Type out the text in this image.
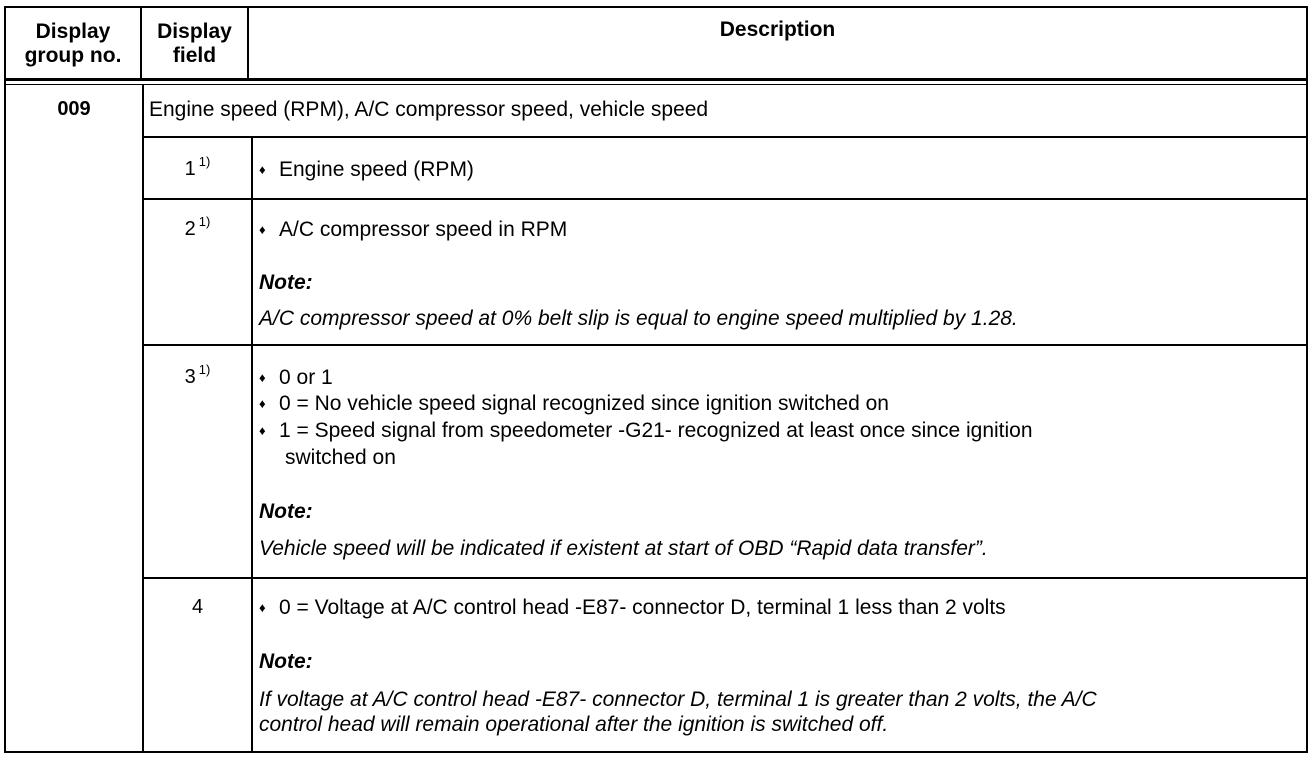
Display
group no.
Display
field
Description
009	Engine speed (RPM), A/C compressor speed, vehicle speed
1 $^{1)}$
♦ Engine speed (RPM)
2 $^{1)}$
♦ A/C compressor speed in RPM
Note:
A/C compressor speed at 0% belt slip is equal to engine speed multiplied by 1.28.
3 $^{1)}$
♦ 0 or 1
♦ 0 = No vehicle speed signal recognized since ignition switched on
♦ 1 = Speed signal from speedometer -G21- recognized at least once since ignition
switched on
Note:
Vehicle speed will be indicated if existent at start of OBD “Rapid data transfer”.
4	♦ 0 = Voltage at A/C control head -E87- connector D, terminal 1 less than 2 volts
Note:
If voltage at A/C control head -E87- connector D, terminal 1 is greater than 2 volts, the A/C
control head will remain operational after the ignition is switched off.
